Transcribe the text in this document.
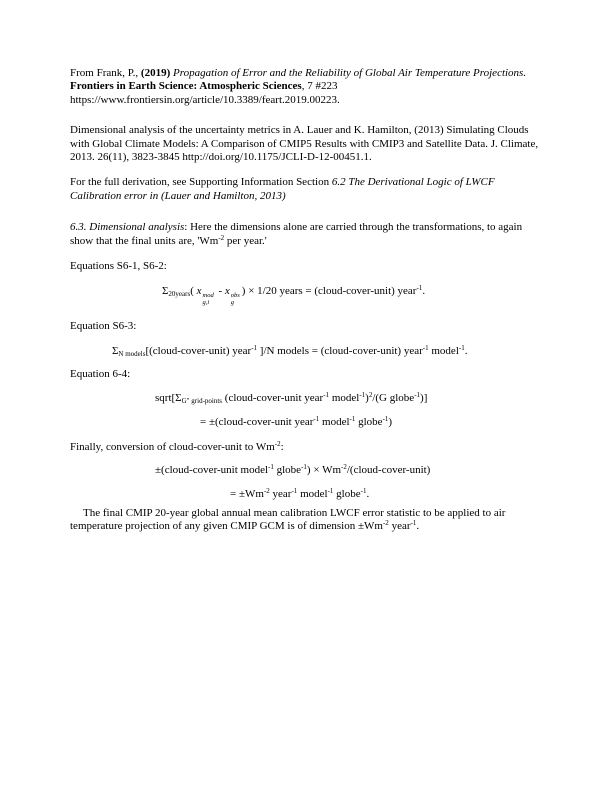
From Frank, P., (2019) Propagation of Error and the Reliability of Global Air Temperature Projections.
Frontiers in Earth Science: Atmospheric Sciences, 7 #223
https://www.frontiersin.org/article/10.3389/feart.2019.00223.
Dimensional analysis of the uncertainty metrics in A. Lauer and K. Hamilton, (2013) Simulating Clouds with Global Climate Models: A Comparison of CMIP5 Results with CMIP3 and Satellite Data. J. Climate, 2013. 26(11), 3823-3845 http://doi.org/10.1175/JCLI-D-12-00451.1.
For the full derivation, see Supporting Information Section 6.2 The Derivational Logic of LWCF Calibration error in (Lauer and Hamilton, 2013)
6.3. Dimensional analysis: Here the dimensions alone are carried through the transformations, to again show that the final units are, '$Wm^{-2}$ per year.'
Equations S6-1, S6-2:
Σ20years( x mod
g,i
- x obs
g
) × 1/20 years = (cloud-cover-unit) year$^{-1}$.
Equation S6-3:
ΣN models[(cloud-cover-unit) year$^{-1}$ ]/N models = (cloud-cover-unit) year$^{-1}$ model$^{-1}$.
Equation 6-4:
sqrt[ΣG″ grid-points (cloud-cover-unit year$^{-1}$ model$^{-1}$)$^2$/(G globe$^{-1}$)]
= ±(cloud-cover-unit year$^{-1}$ model$^{-1}$ globe$^{-1}$)
Finally, conversion of cloud-cover-unit to $Wm^{-2}$:
±(cloud-cover-unit model$^{-1}$ globe$^{-1}$) × $Wm^{-2}/(cloud-cover-unit)$
= $\pm Wm^{-2}$ year$^{-1}$ model$^{-1}$ globe$^{-1}$.
The final CMIP 20-year global annual mean calibration LWCF error statistic to be applied to air temperature projection of any given CMIP GCM is of dimension $\pm Wm^{-2}$ year$^{-1}$.
